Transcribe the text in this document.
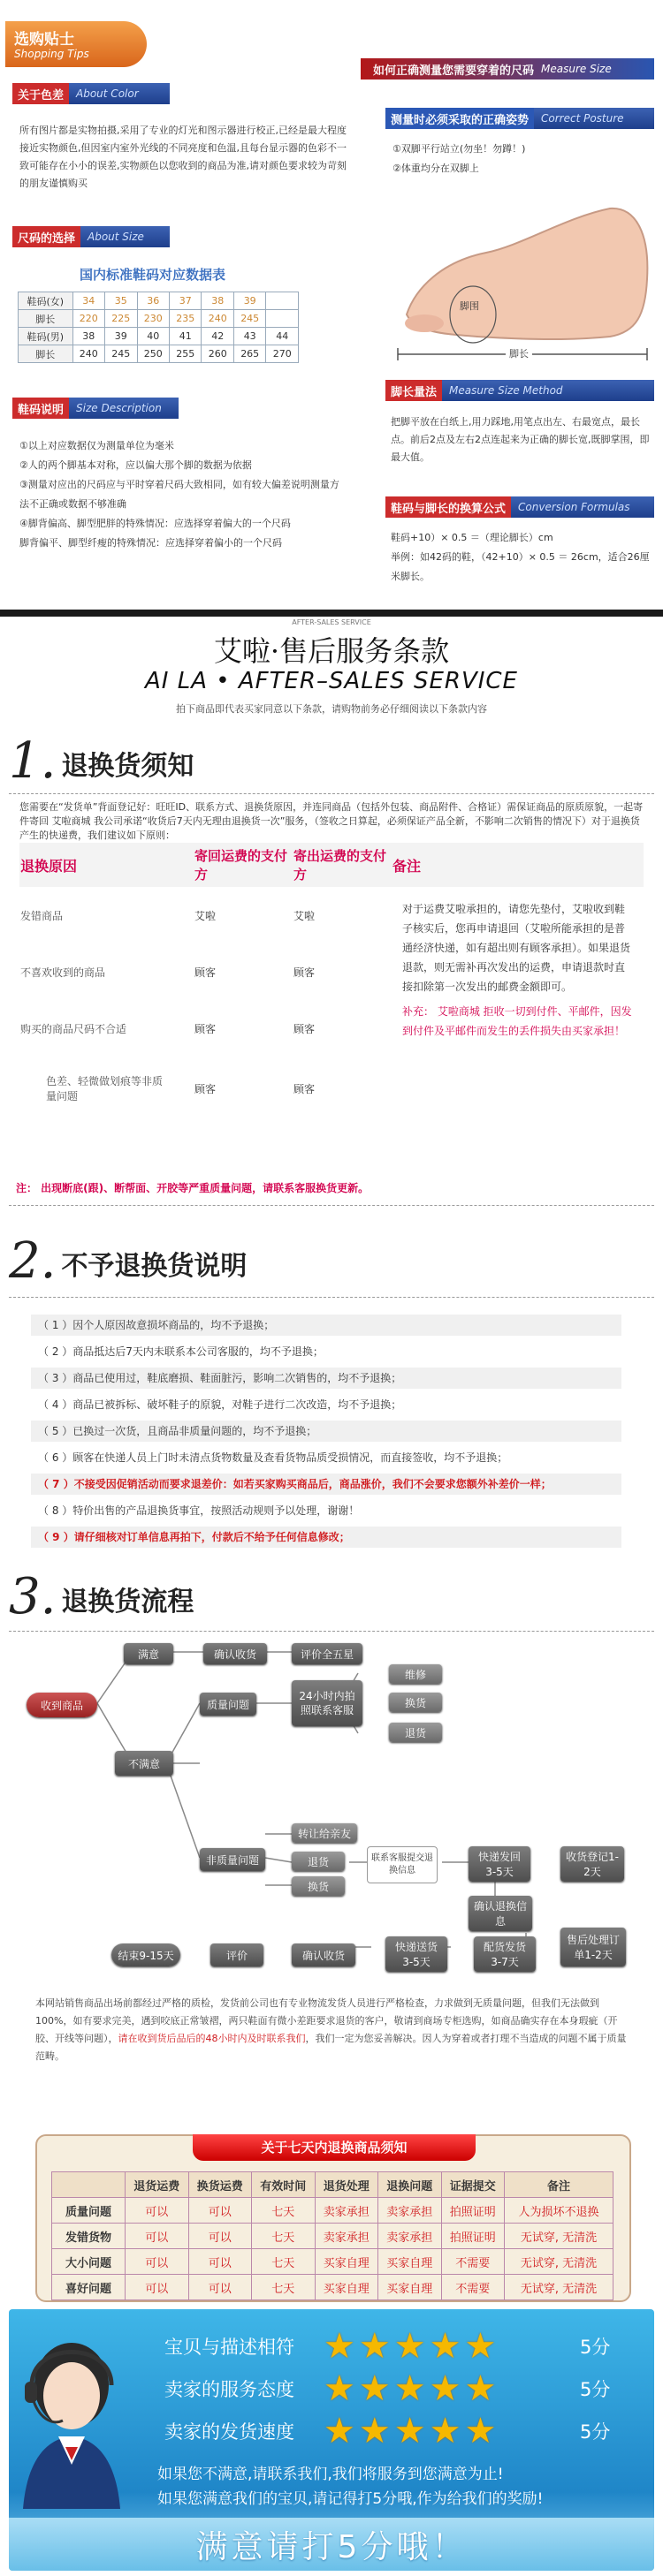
选购贴士
Shopping Tips
关于色差	About Color
所有图片都是实物拍摄,采用了专业的灯光和图示器进行校正,已经是最大程度接近实物颜色,但因室内室外光线的不同亮度和色温,且每台显示器的色彩不一致可能存在小小的误差,实物颜色以您收到的商品为准,请对颜色要求较为苛刻的朋友谨慎购买
尺码的选择	About Size
国内标准鞋码对应数据表
鞋码(女)	34	35	36	37	38	39	
脚长	220	225	230	235	240	245	
鞋码(男)	38	39	40	41	42	43	44
脚长	240	245	250	255	260	265	270
鞋码说明	Size Description
①以上对应数据仅为测量单位为毫米
②人的两个脚基本对称，应以偏大那个脚的数据为依据
③测量对应出的尺码应与平时穿着尺码大致相同，如有较大偏差说明测量方法不正确或数据不够准确
④脚背偏高、脚型肥胖的特殊情况：应选择穿着偏大的一个尺码
脚背偏平、脚型纤瘦的特殊情况：应选择穿着偏小的一个尺码
如何正确测量您需要穿着的尺码 Measure Size
测量时必须采取的正确姿势	Correct Posture
①双脚平行站立(勿坐！勿蹲！)
②体重均分在双脚上
脚围
脚长
脚长量法	Measure Size Method
把脚平放在白纸上,用力踩地,用笔点出左、右最宽点，最长点。前后2点及左右2点连起来为正确的脚长宽,既脚掌围，即最大值。
鞋码与脚长的换算公式	Conversion Formulas
鞋码+10）× 0.5 ＝（理论脚长）cm
举例：如42码的鞋，（42+10）× 0.5 ＝ 26cm，适合26厘米脚长。
AFTER-SALES SERVICE
艾啦·售后服务条款
AI LA • AFTER–SALES SERVICE
拍下商品即代表买家同意以下条款，请购物前务必仔细阅读以下条款内容
1. 退换货须知
您需要在“发货单”背面登记好：旺旺ID、联系方式、退换货原因，并连同商品（包括外包装、商品附件、合格证）需保证商品的原质原貌，一起寄件寄回 艾啦商城 我公司承诺“收货后7天内无理由退换货一次”服务，（签收之日算起，必须保证产品全新，不影响二次销售的情况下）对于退换货产生的快递费，我们建议如下原则：
退换原因	寄回运费的支付方	寄出运费的支付方	备注
发错商品	艾啦	艾啦	对于运费艾啦承担的，请您先垫付，艾啦收到鞋子核实后，您再申请退回（艾啦所能承担的是普通经济快递，如有超出则有顾客承担）。如果退货退款，则无需补再次发出的运费，申请退款时直接扣除第一次发出的邮费金额即可。
补充： 艾啦商城 拒收一切到付件、平邮件，因发到付件及平邮件而发生的丢件损失由买家承担！

不喜欢收到的商品	顾客	顾客	
购买的商品尺码不合适	顾客	顾客	
色差、轻微做划痕等非质量问题	顾客	顾客	
注： 出现断底(跟)、断帮面、开胶等严重质量问题，请联系客服换货更新。
2. 不予退换货说明
（ 1 ）因个人原因故意损坏商品的，均不予退换；
（ 2 ）商品抵达后7天内未联系本公司客服的，均不予退换；
（ 3 ）商品已使用过，鞋底磨损、鞋面脏污，影响二次销售的，均不予退换；
（ 4 ）商品已被拆标、破坏鞋子的原貌，对鞋子进行二次改造，均不予退换；
（ 5 ）已换过一次货，且商品非质量问题的，均不予退换；
（ 6 ）顾客在快递人员上门时未清点货物数量及查看货物品质受损情况，而直接签收，均不予退换；
（ 7 ）不接受因促销活动而要求退差价：如若买家购买商品后，商品涨价，我们不会要求您额外补差价一样；
（ 8 ）特价出售的产品退换货事宜，按照活动规则予以处理，谢谢！
（ 9 ）请仔细核对订单信息再拍下，付款后不给予任何信息修改；
3. 退换货流程
收到商品
满意	确认收货	评价全五星
不满意
质量问题
24小时内拍照联系客服
维修
换货
退货
非质量问题
转让给亲友
退货
换货
联系客服提交退换信息
快递发回3-5天
收货登记1-2天
确认退换信息
售后处理订单1-2天
快递送货3-5天
配货发货3-7天
结束9-15天	评价	确认收货
本网站销售商品出场前都经过严格的质检，发货前公司也有专业物流发货人员进行严格检查，力求做到无质量问题，但我们无法做到100%，如有要求完美，遇到咬底正常皱褶，两只鞋面有微小差距要求退货的客户，敬请到商场专柜选购，如商品确实存在本身瑕疵（开胶、开线等问题），请在收到货后品后的48小时内及时联系我们，我们一定为您妥善解决。因人为穿着或者打理不当造成的问题不属于质量范畴。
关于七天内退换商品须知
	退货运费	换货运费	有效时间	退货处理	退换问题	证据提交	备注
质量问题	可以	可以	七天	卖家承担	卖家承担	拍照证明	人为损坏不退换
发错货物	可以	可以	七天	卖家承担	卖家承担	拍照证明	无试穿, 无清洗
大小问题	可以	可以	七天	买家自理	买家自理	不需要	无试穿, 无清洗
喜好问题	可以	可以	七天	买家自理	买家自理	不需要	无试穿, 无清洗
宝贝与描述相符 ★★★★★	5分
卖家的服务态度 ★★★★★	5分
卖家的发货速度 ★★★★★	5分
如果您不满意,请联系我们,我们将服务到您满意为止!
如果您满意我们的宝贝,请记得打5分哦,作为给我们的奖励!
满意请打5分哦！
